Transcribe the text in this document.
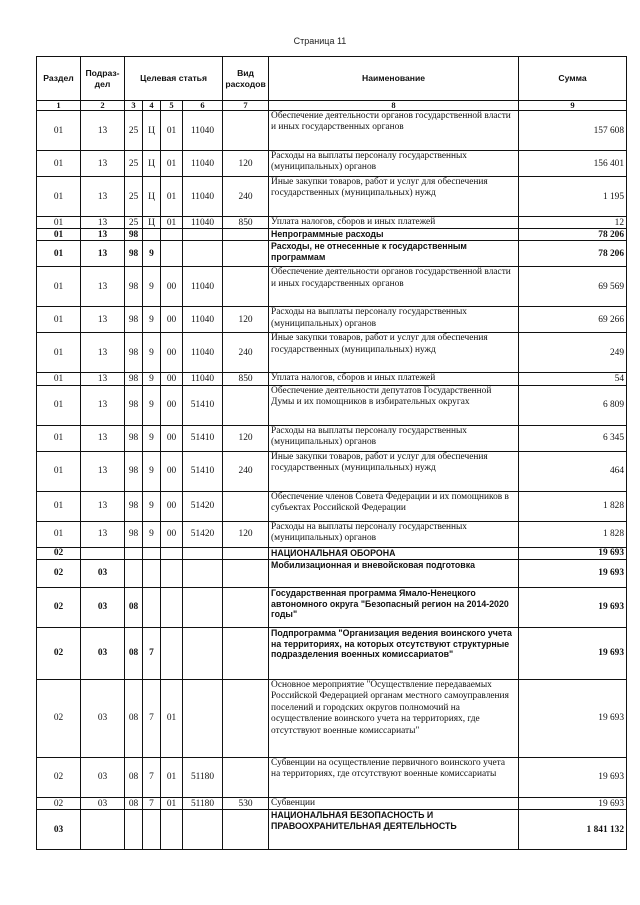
Страница 11
Раздел	Подраз-дел	Целевая статья				Вид расходов	Наименование	Сумма
1	2	3	4	5	6	7	8	9
01	13	25	Ц	01	11040		Обеспечение деятельности органов государственной власти и иных государственных органов	157 608
01	13	25	Ц	01	11040	120	Расходы на выплаты персоналу государственных (муниципальных) органов	156 401
01	13	25	Ц	01	11040	240	Иные закупки товаров, работ и услуг для обеспечения государственных (муниципальных) нужд	1 195
01	13	25	Ц	01	11040	850	Уплата налогов, сборов и иных платежей	12
01	13	98					Непрограммные расходы	78 206
01	13	98	9				Расходы, не отнесенные к государственным программам	78 206
01	13	98	9	00	11040		Обеспечение деятельности органов государственной власти и иных государственных органов	69 569
01	13	98	9	00	11040	120	Расходы на выплаты персоналу государственных (муниципальных) органов	69 266
01	13	98	9	00	11040	240	Иные закупки товаров, работ и услуг для обеспечения государственных (муниципальных) нужд	249
01	13	98	9	00	11040	850	Уплата налогов, сборов и иных платежей	54
01	13	98	9	00	51410		Обеспечение деятельности депутатов Государственной Думы и их помощников в избирательных округах	6 809
01	13	98	9	00	51410	120	Расходы на выплаты персоналу государственных (муниципальных) органов	6 345
01	13	98	9	00	51410	240	Иные закупки товаров, работ и услуг для обеспечения государственных (муниципальных) нужд	464
01	13	98	9	00	51420		Обеспечение членов Совета Федерации и их помощников в субъектах Российской Федерации	1 828
01	13	98	9	00	51420	120	Расходы на выплаты персоналу государственных (муниципальных) органов	1 828
02							НАЦИОНАЛЬНАЯ ОБОРОНА	19 693
02	03						Мобилизационная и вневойсковая подготовка	19 693
02	03	08					Государственная программа Ямало-Ненецкого автономного округа "Безопасный регион на 2014-2020 годы"	19 693
02	03	08	7				Подпрограмма "Организация ведения воинского учета на территориях, на которых отсутствуют структурные подразделения военных комиссариатов"	19 693
02	03	08	7	01			Основное мероприятие "Осуществление передаваемых Российской Федерацией органам местного самоуправления поселений и городских округов полномочий на осуществление воинского учета на территориях, где отсутствуют военные комиссариаты"	19 693
02	03	08	7	01	51180		Субвенции на осуществление первичного воинского учета на территориях, где отсутствуют военные комиссариаты	19 693
02	03	08	7	01	51180	530	Субвенции	19 693
03							НАЦИОНАЛЬНАЯ БЕЗОПАСНОСТЬ И ПРАВООХРАНИТЕЛЬНАЯ ДЕЯТЕЛЬНОСТЬ	1 841 132
